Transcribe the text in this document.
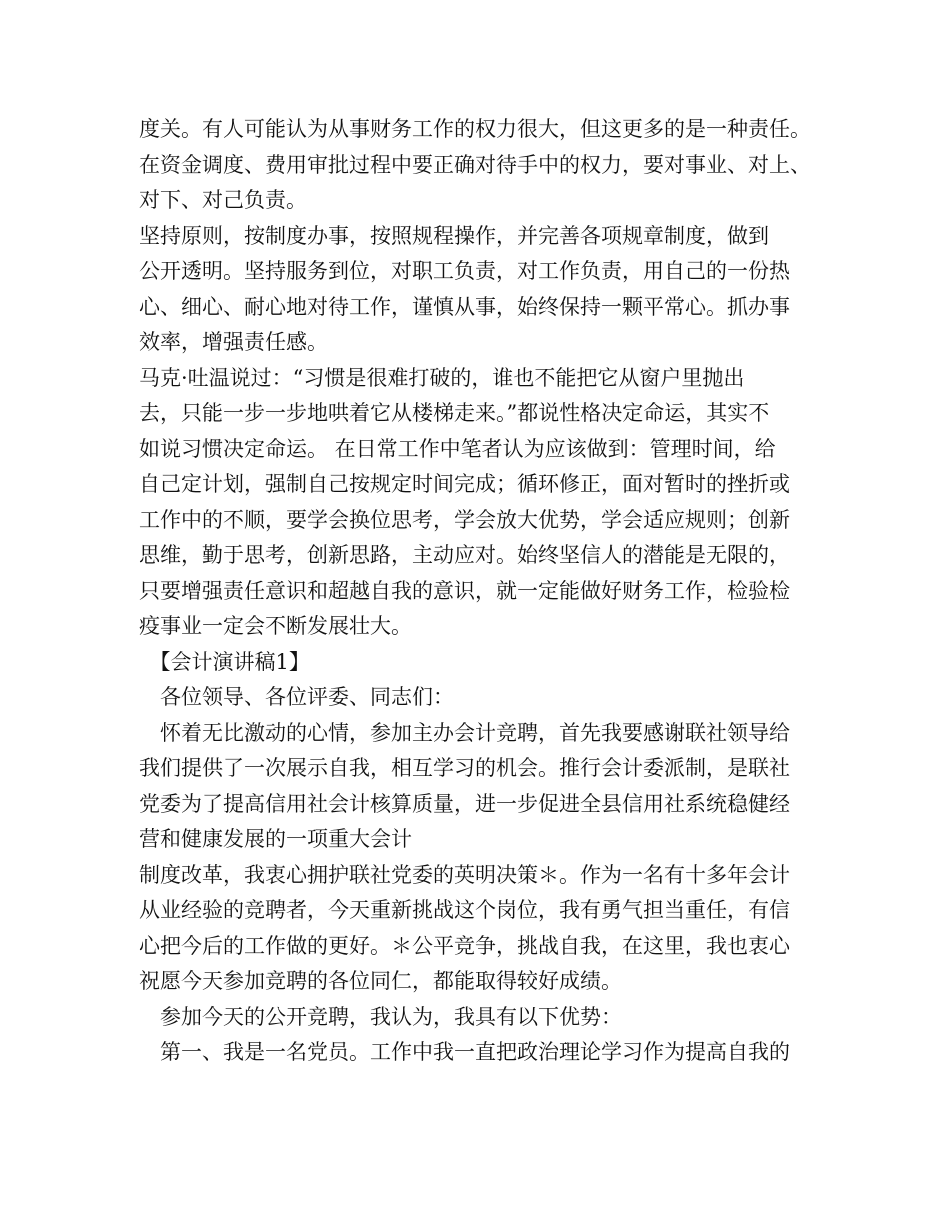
度关。有人可能认为从事财务工作的权力很大，但这更多的是一种责任。
在资金调度、费用审批过程中要正确对待手中的权力，要对事业、对上、
对下、对己负责。
坚持原则，按制度办事，按照规程操作，并完善各项规章制度，做到
公开透明。坚持服务到位，对职工负责，对工作负责，用自己的一份热
心、细心、耐心地对待工作，谨慎从事，始终保持一颗平常心。抓办事
效率，增强责任感。
马克·吐温说过：“习惯是很难打破的，谁也不能把它从窗户里抛出
去，只能一步一步地哄着它从楼梯走来。”都说性格决定命运，其实不
如说习惯决定命运。 在日常工作中笔者认为应该做到：管理时间，给
自己定计划，强制自己按规定时间完成；循环修正，面对暂时的挫折或
工作中的不顺，要学会换位思考，学会放大优势，学会适应规则；创新
思维，勤于思考，创新思路，主动应对。始终坚信人的潜能是无限的，
只要增强责任意识和超越自我的意识，就一定能做好财务工作，检验检
疫事业一定会不断发展壮大。
　【会计演讲稿1】
　各位领导、各位评委、同志们：
　怀着无比激动的心情，参加主办会计竞聘，首先我要感谢联社领导给
我们提供了一次展示自我，相互学习的机会。推行会计委派制，是联社
党委为了提高信用社会计核算质量，进一步促进全县信用社系统稳健经
营和健康发展的一项重大会计
制度改革，我衷心拥护联社党委的英明决策＊。作为一名有十多年会计
从业经验的竞聘者，今天重新挑战这个岗位，我有勇气担当重任，有信
心把今后的工作做的更好。＊公平竞争，挑战自我，在这里，我也衷心
祝愿今天参加竞聘的各位同仁，都能取得较好成绩。
　参加今天的公开竞聘，我认为，我具有以下优势：
　第一、我是一名党员。工作中我一直把政治理论学习作为提高自我的
